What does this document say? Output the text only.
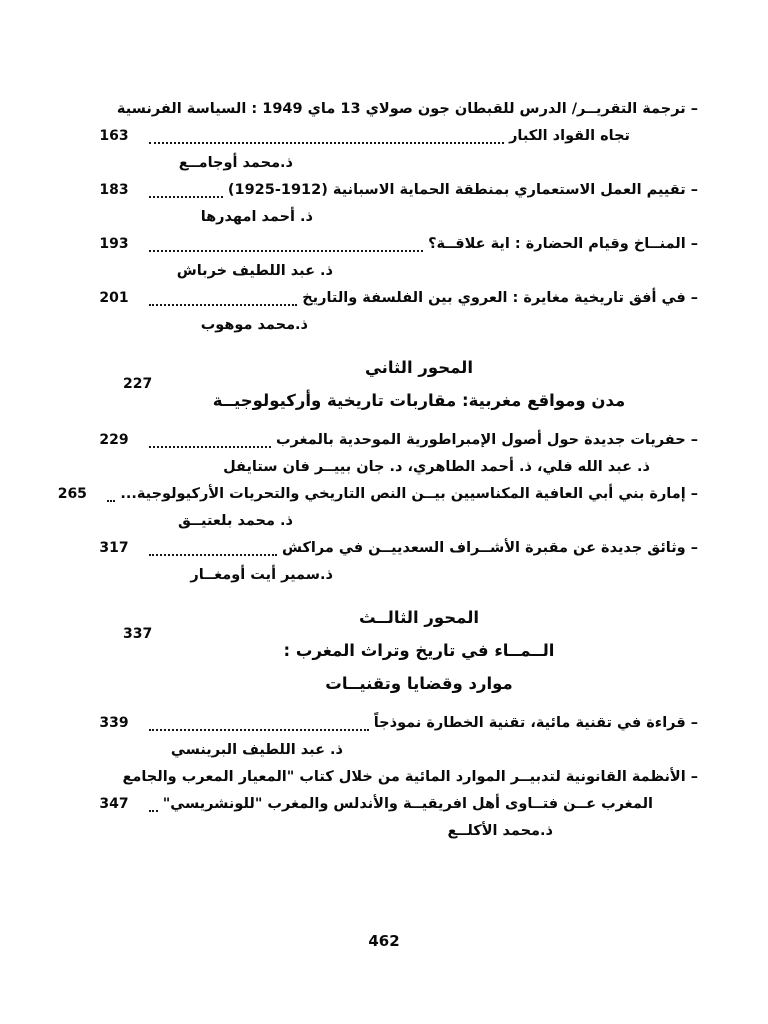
– ترجمة التقريــر/ الدرس للقبطان جون صولاي 13 ماي 1949 : السياسة الفرنسية
تجاه القواد الكبار
163
ذ.محمد أوجامــع
– تقييم العمل الاستعماري بمنطقة الحماية الاسبانية (1912-1925)
183
ذ. أحمد امهدرها
– المنــاخ وقيام الحضارة : اية علاقــة؟
193
ذ. عبد اللطيف خرباش
– في أفق تاريخية مغايرة : العروي بين الفلسفة والتاريخ
201
ذ.محمد موهوب
المحور الثاني
مدن ومواقع مغربية: مقاربات تاريخية وأركيولوجيــة
227
– حفريات جديدة حول أصول الإمبراطورية الموحدية بالمغرب
229
ذ. عبد الله فلي، ذ. أحمد الطاهري، د. جان بييــر فان ستايفل
– إمارة بني أبي العافية المكناسيين بيــن النص التاريخي والتحريات الأركيولوجية...
265
ذ. محمد بلعتيــق
– وثائق جديدة عن مقبرة الأشــراف السعدييــن في مراكش
317
ذ.سمير أيت أومغــار
المحور الثالــث
الــمــاء في تاريخ وتراث المغرب :
موارد وقضايا وتقنيــات
337
– قراءة في تقنية مائية، تقنية الخطارة نموذجاً
339
ذ. عبد اللطيف البرينسي
– الأنظمة القانونية لتدبيــر الموارد المائية من خلال كتاب "المعيار المعرب والجامع
المغرب عــن فتــاوى أهل افريقيــة والأندلس والمغرب "للونشريسي"
347
ذ.محمد الأكلــع
462
